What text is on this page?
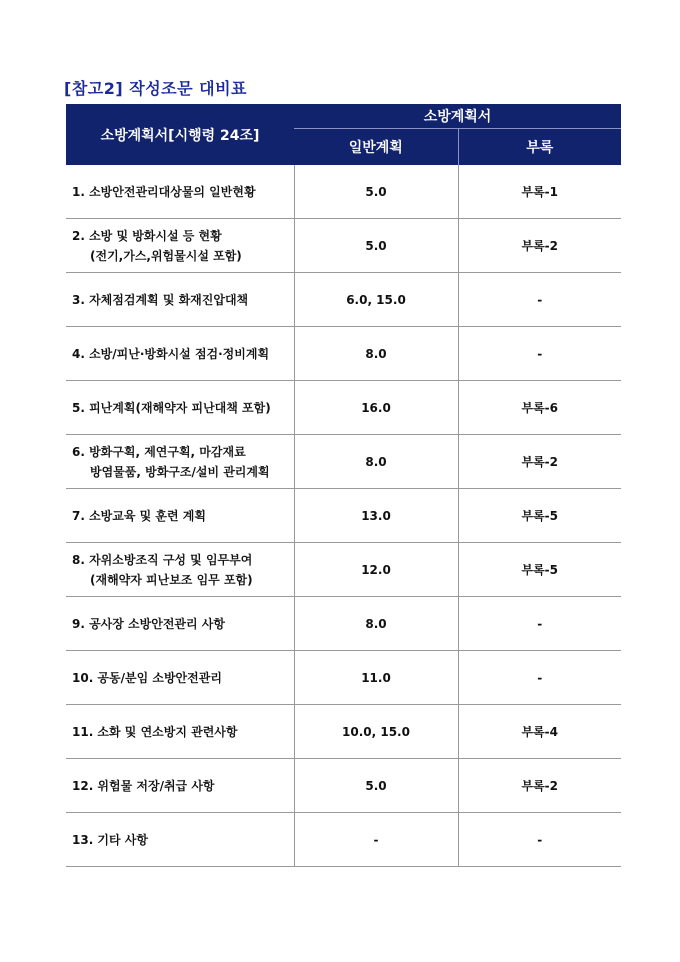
[참고2] 작성조문 대비표
소방계획서[시행령 24조]	소방계획서	
	일반계획	부록

1. 소방안전관리대상물의 일반현황	5.0	부록-1

2. 소방 및 방화시설 등 현황
(전기,가스,위험물시설 포함)	5.0	부록-2

3. 자체점검계획 및 화재진압대책	6.0, 15.0	-

4. 소방/피난·방화시설 점검·정비계획	8.0	-

5. 피난계획(재해약자 피난대책 포함)	16.0	부록-6

6. 방화구획, 제연구획, 마감재료
방염물품, 방화구조/설비 관리계획	8.0	부록-2

7. 소방교육 및 훈련 계획	13.0	부록-5

8. 자위소방조직 구성 및 임무부여
(재해약자 피난보조 임무 포함)	12.0	부록-5

9. 공사장 소방안전관리 사항	8.0	-

10. 공동/분임 소방안전관리	11.0	-

11. 소화 및 연소방지 관련사항	10.0, 15.0	부록-4

12. 위험물 저장/취급 사항	5.0	부록-2

13. 기타 사항	-	-
